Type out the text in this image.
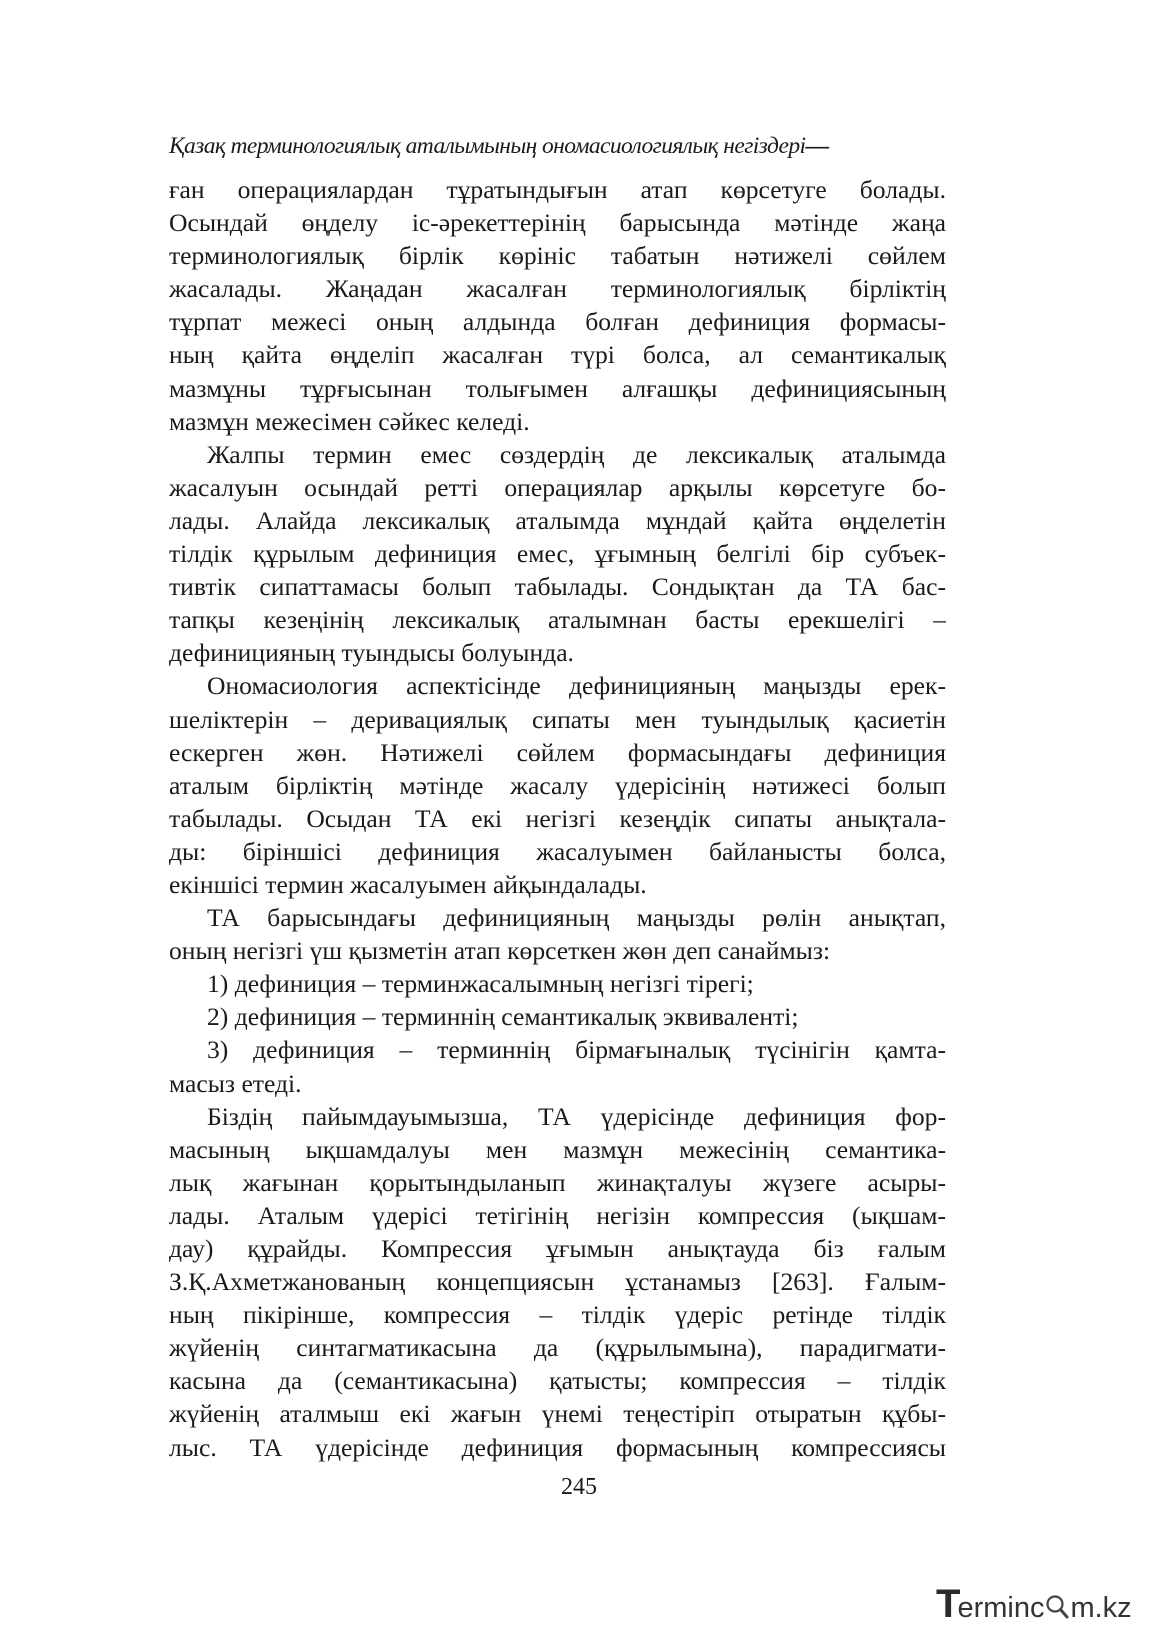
Қазақ терминологиялық аталымының ономасиологиялық негіздері—
ған операциялардан тұратындығын атап көрсетуге болады.
Осындай өңделу іс-әрекеттерінің барысында мәтінде жаңа
терминологиялық бірлік көрініс табатын нәтижелі сөйлем
жасалады. Жаңадан жасалған терминологиялық бірліктің
тұрпат межесі оның алдында болған дефиниция формасы-
ның қайта өңделіп жасалған түрі болса, ал семантикалық
мазмұны тұрғысынан толығымен алғашқы дефинициясының
мазмұн межесімен сәйкес келеді.
Жалпы термин емес сөздердің де лексикалық аталымда
жасалуын осындай ретті операциялар арқылы көрсетуге бо-
лады. Алайда лексикалық аталымда мұндай қайта өңделетін
тілдік құрылым дефиниция емес, ұғымның белгілі бір субъек-
тивтік сипаттамасы болып табылады. Сондықтан да ТА бас-
тапқы кезеңінің лексикалық аталымнан басты ерекшелігі –
дефиницияның туындысы болуында.
Ономасиология аспектісінде дефиницияның маңызды ерек-
шеліктерін – деривациялық сипаты мен туындылық қасиетін
ескерген жөн. Нәтижелі сөйлем формасындағы дефиниция
аталым бірліктің мәтінде жасалу үдерісінің нәтижесі болып
табылады. Осыдан ТА екі негізгі кезеңдік сипаты анықтала-
ды: біріншісі дефиниция жасалуымен байланысты болса,
екіншісі термин жасалуымен айқындалады.
ТА барысындағы дефиницияның маңызды рөлін анықтап,
оның негізгі үш қызметін атап көрсеткен жөн деп санаймыз:
1) дефиниция – терминжасалымның негізгі тірегі;
2) дефиниция – терминнің семантикалық эквиваленті;
3) дефиниция – терминнің бірмағыналық түсінігін қамта-
масыз етеді.
Біздің пайымдауымызша, ТА үдерісінде дефиниция фор-
масының ықшамдалуы мен мазмұн межесінің семантика-
лық жағынан қорытындыланып жинақталуы жүзеге асыры-
лады. Аталым үдерісі тетігінің негізін компрессия (ықшам-
дау) құрайды. Компрессия ұғымын анықтауда біз ғалым
З.Қ.Ахметжанованың концепциясын ұстанамыз [263]. Ғалым-
ның пікірінше, компрессия – тілдік үдеріс ретінде тілдік
жүйенің синтагматикасына да (құрылымына), парадигмати-
касына да (семантикасына) қатысты; компрессия – тілдік
жүйенің аталмыш екі жағын үнемі теңестіріп отыратын құбы-
лыс. ТА үдерісінде дефиниция формасының компрессиясы
245
Terminc m.kz
